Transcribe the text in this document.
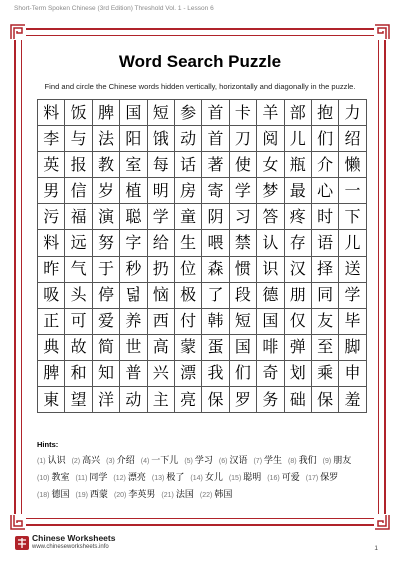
Short-Term Spoken Chinese (3rd Edition) Threshold Vol. 1 - Lesson 6
Word Search Puzzle
Find and circle the Chinese words hidden vertically, horizontally and diagonally in the puzzle.
料 饭 脾 国 短 参 首 卡 羊 部 抱 力
李 与 法 阳 饿 动 首 刀 阅 儿 们 绍
英 报 教 室 每 话 著 使 女 瓶 介 懒
男 信 岁 植 明 房 寄 学 梦 最 心 一
污 福 演 聪 学 童 阴 习 答 疼 时 下
料 远 努 字 给 生 喂 禁 认 存 语 儿
昨 气 于 秒 扔 位 森 惯 识 汉 择 送
吸 头 停 덞 恼 极 了 段 德 朋 同 学
正 可 爱 养 西 付 韩 短 国 仅 友 毕
典 故 简 世 高 蒙 蛋 国 啡 弹 至 脚
脾 和 知 普 兴 漂 我 们 奇 划 乘 申
東 望 洋 动 主 亮 保 罗 务 础 保 羞
Hints:
(1) 认识 (2) 高兴 (3) 介绍 (4) 一下儿 (5) 学习 (6) 汉语 (7) 学生 (8) 我们 (9) 朋友(10) 教室 (11) 同学 (12) 漂亮 (13) 极了 (14) 女儿 (15) 聪明 (16) 可爱 (17) 保罗(18) 德国 (19) 西蒙 (20) 李英男 (21) 法国 (22) 韩国
Chinese Worksheets
www.chineseworksheets.info	1
